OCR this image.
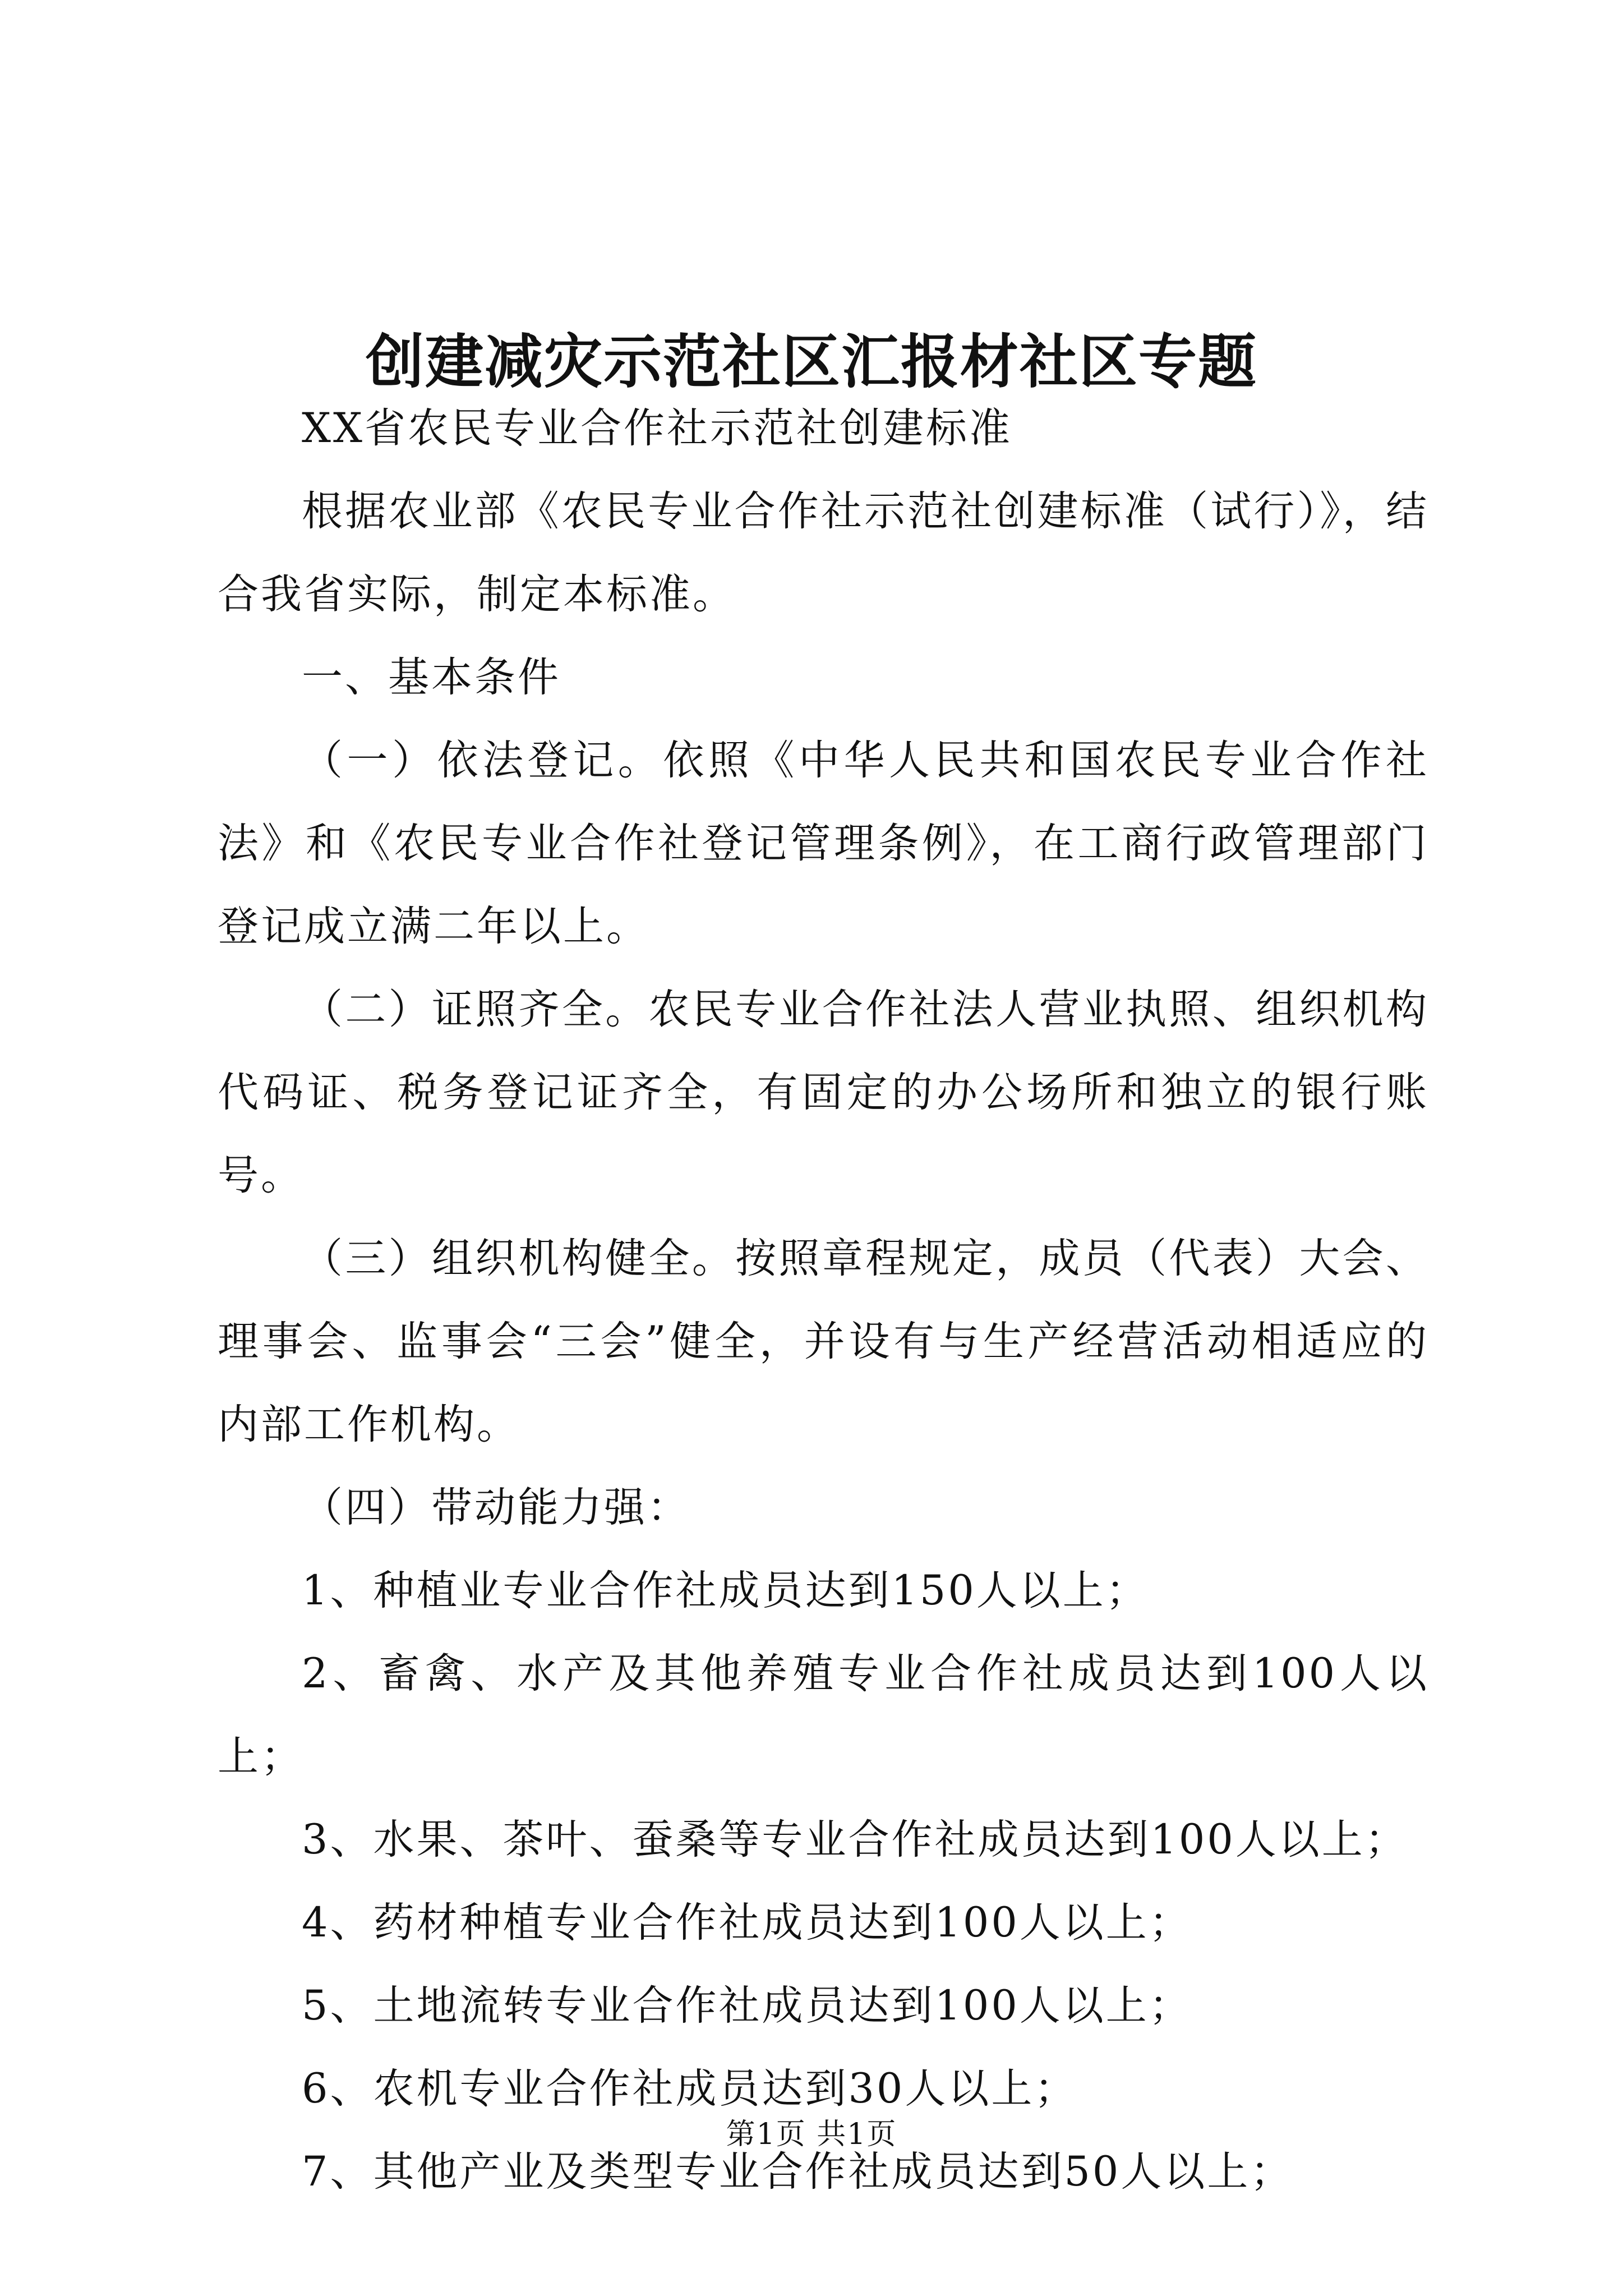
创建减灾示范社区汇报材社区专题

XX省农民专业合作社示范社创建标准

根据农业部《农民专业合作社示范社创建标准（试行）》，结合我省实际，制定本标准。

一、基本条件

（一）依法登记。依照《中华人民共和国农民专业合作社法》和《农民专业合作社登记管理条例》，在工商行政管理部门登记成立满二年以上。

（二）证照齐全。农民专业合作社法人营业执照、组织机构代码证、税务登记证齐全，有固定的办公场所和独立的银行账号。

（三）组织机构健全。按照章程规定，成员（代表）大会、理事会、监事会“三会”健全，并设有与生产经营活动相适应的内部工作机构。

（四）带动能力强：

1、种植业专业合作社成员达到150人以上；

2、畜禽、水产及其他养殖专业合作社成员达到100人以上；

3、水果、茶叶、蚕桑等专业合作社成员达到100人以上；

4、药材种植专业合作社成员达到100人以上；

5、土地流转专业合作社成员达到100人以上；

6、农机专业合作社成员达到30人以上；

7、其他产业及类型专业合作社成员达到50人以上；

第1页 共1页
